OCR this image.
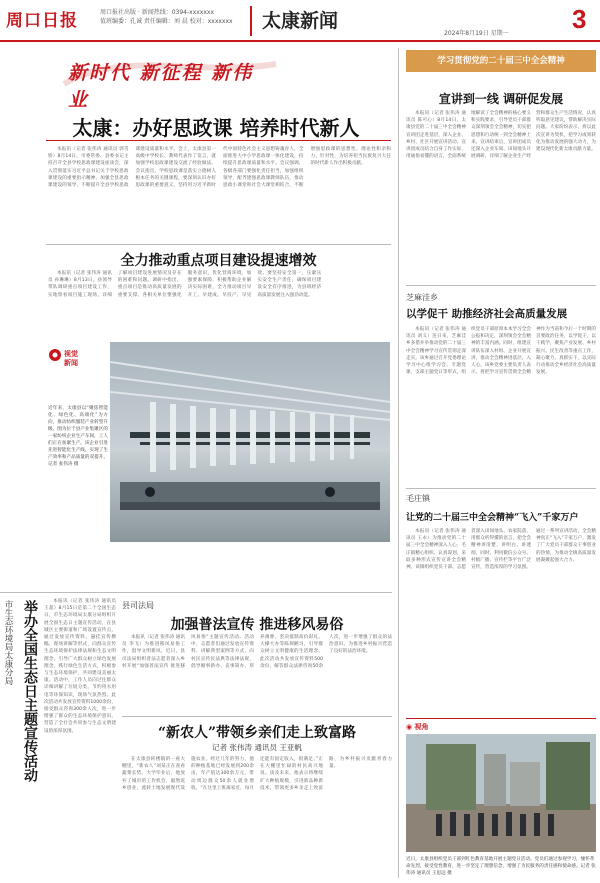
周口日报	周口报社出版 · 新闻热线：0394-xxxxxxx
值班编委：孔诚 责任编辑：刘 晨 校对：xxxxxxx 太康新闻
2024年8月19日 星期一 3
新时代 新征程 新伟业
太康：办好思政课 培养时代新人

本报讯（记者 张伟涛 通讯员 郭雪娇）8月14日，市委常委、县委书记主持召开全县学校思政课建设座谈会，深入贯彻落实习近平总书记关于学校思政课建设的重要指示精神，加强全县思政课建设的领导，不断提升全县学校思政课建设质量和水平。会上，太康县第一高级中学校长、教师代表作了发言，就加强学校思政课建设交流了经验做法。会议指出，学校思政课是落实立德树人根本任务的关键课程，要深刻认识办好思政课的重要意义，坚持用习近平新时代中国特色社会主义思想铸魂育人，全面推进大中小学思政课一体化建设，持续提升思政课质量和水平。会议强调，各级各部门要强化责任担当，加强组织领导，配齐建强思政课教师队伍，推动思政小课堂和社会大课堂相结合，不断增强思政课的思想性、理论性和亲和力、针对性，为培养担当民族复兴大任的时代新人作出积极贡献。

全力推动重点项目建设提速增效

本报讯（记者 张伟涛 通讯员 孙琳琳）8月13日，县领导带队调研重点项目建设工作，实地察看项目施工现场，详细了解项目建设进展情况及存在的困难和问题。调研中指出，重点项目是推动高质量发展的重要支撑。各相关单位要强化服务意识，优化营商环境，加强要素保障，积极帮助企业解决实际困难，全力推动项目早开工、早建成、早投产、早见效。要坚持安全第一，压紧压实安全生产责任，确保项目建设安全有序推进，为县域经济高质量发展注入强劲动能。

视觉新闻
近年来，太康县以“聚焦智能化、绿色化、高端化”为方向，推动纺织服装产业转型升级。图为位于县产业集聚区的一家纺织企业生产车间，工人们正在加紧生产。该企业引进先进智能化生产线，实现了生产效率和产品质量的双提升。记者 张伟涛 摄
市生态环境局太康分局 举办全国生态日主题宣传活动	本报讯（记者 张伟涛 通讯员 王超）8月15日是第二个全国生态日，市生态环境局太康分局组织开展全国生态日主题宣传活动，在县城区主要街道和广场设置宣传点，通过发放宣传资料、悬挂宣传横幅、现场讲解等形式，向群众宣传生态环境保护法律法规和生态文明理念，引导广大群众树立绿色发展理念，践行绿色生活方式，积极参与生态环境保护，共同建设美丽太康。活动中，工作人员向过往群众详细讲解了垃圾分类、节约用水用电等环保知识，现场气氛热烈。此次活动共发放宣传资料1000余份，接受群众咨询300余人次，进一步增强了群众的生态环境保护意识，营造了全社会共同参与生态文明建设的浓厚氛围。

县司法局
加强普法宣传 推进移风易俗

本报讯（记者 张伟涛 通讯员 李飞）为推进移风易俗工作，倡导文明新风，近日，县司法局组织普法志愿者深入乡村开展“加强普法宣传 推进移风易俗”主题宣传活动。活动中，志愿者们通过发放宣传资料、讲解典型案例等方式，向村民宣传民法典等法律法规，倡导婚事新办、丧事简办、厚养薄葬，坚决抵制高价彩礼、大操大办等陈规陋习，引导群众树立文明健康的生活理念。此次活动共发放宣传资料500余份，解答群众法律咨询50余人次，进一步增强了群众的法治意识，为推进乡村振兴营造了良好的法治环境。

“新农人”带领乡亲们走上致富路
记者 张伟涛 通讯员 王亚帆

在太康县转楼镇的一座大棚里，“新农人”刘某正在查看蔬菜长势。大学毕业后，他放弃了城市的工作机会，毅然返乡创业，流转土地发展现代设施农业。经过几年的努力，他的种植基地已经发展到200余亩，年产值达300余万元，带动周边群众50余人就业增收。“在这里上班离家近，每月还能有固定收入，很满足。”正在大棚里忙碌的村民高兴地说。谈及未来，他表示将继续扩大种植规模，引进新品种新技术，带领更多乡亲走上致富路，为乡村振兴贡献青春力量。

学习贯彻党的二十届三中全会精神
宣讲到一线 调研促发展

本报讯（记者 张伟涛 通讯员 陈可心）8月14日，太康县党的二十届三中全会精神宣讲团走进基层，深入企业、乡村、社区开展宣讲活动。宣讲团成员结合自身工作实际，用通俗易懂的语言，全面系统地解读了全会精神的核心要义和实践要求，引导党员干部群众深刻领会全会精神，切实把思想和行动统一到全会精神上来。宣讲结束后，宣讲团成员还深入企业车间、田间地头开展调研，详细了解企业生产经营和群众生产生活情况，认真听取意见建议，帮助解决实际问题。大家纷纷表示，将以此次宣讲为契机，把学习成果转化为推动发展的强大动力，为建设现代化新太康贡献力量。

芝麻洼乡
以学促干 助推经济社会高质量发展

本报讯（记者 张伟涛 通讯员 刘义）连日来，芝麻洼乡多措并举推动党的二十届三中全会精神学习宣传贯彻走深走实。该乡通过召开党委理论学习中心组学习会、专题党课、支部主题党日等形式，组织党员干部原原本本学习全会公报和决定，深刻领会全会精神的丰富内涵。同时，组建宣讲队伍深入村组、企业开展宣讲，推动全会精神进基层、入人心。该乡党委主要负责人表示，将把学习宣传贯彻全会精神作为当前和今后一个时期的首要政治任务，以学促干，以干践学，聚焦产业发展、乡村振兴、民生改善等重点工作，凝心聚力、真抓实干，以实际行动推动全乡经济社会高质量发展。

毛庄镇
让党的二十届三中全会精神“飞入”千家万户

本报讯（记者 张伟涛 通讯员 王永）为推动党的二十届三中全会精神深入人心，毛庄镇精心组织、认真谋划，采取多种形式宣传宣讲全会精神。该镇组织党员干部、志愿者深入田间地头、农家院落，用群众听得懂的语言，把全会精神讲清楚、讲明白、讲透彻。同时，利用微信公众号、村级广播、宣传栏等平台广泛宣传，营造浓厚的学习氛围。通过一系列宣讲活动，全会精神真正“飞入”千家万户，激发了广大党员干部群众干事创业的热情，为推动全镇高质量发展凝聚起强大合力。

◉ 视角
近日，太康县组织党员干部到红色教育基地开展主题党日活动。党员们通过参观学习，缅怀革命先烈，接受党性教育，进一步坚定了理想信念，增强了为民服务的责任感和使命感。记者 张伟涛 通讯员 王思远 摄
